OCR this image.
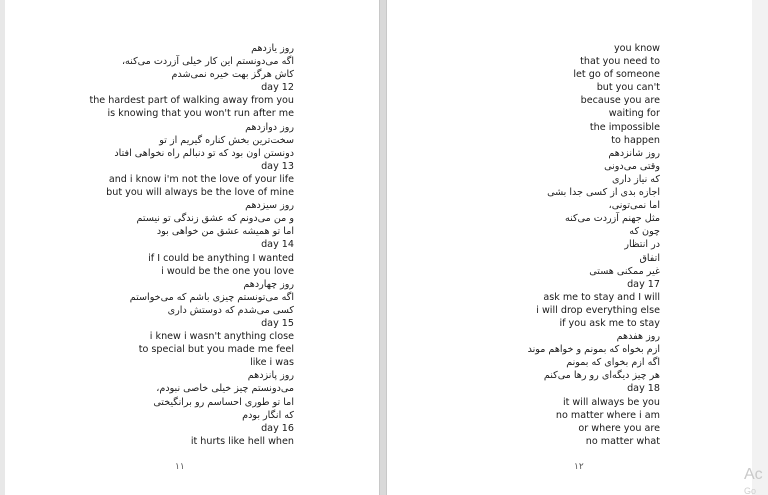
روز یازدهم
اگه می‌دونستم این کار خیلی آزردت می‌کنه،
کاش هرگز بهت خیره نمی‌شدم
day 12
the hardest part of walking away from you
is knowing that you won't run after me
روز دوازدهم
سخت‌ترین بخش کناره گیریم از تو
دونستن اون بود که تو دنبالم راه نخواهی افتاد
day 13
and i know i'm not the love of your life
but you will always be the love of mine
روز سیزدهم
و من می‌دونم که عشق زندگی تو نیستم
اما تو همیشه عشق من خواهی بود
day 14
if I could be anything I wanted
i would be the one you love
روز چهاردهم
اگه می‌تونستم چیزی باشم که می‌خواستم
کسی می‌شدم که دوستش داری
day 15
i knew i wasn't anything close
to special but you made me feel
like i was
روز پانزدهم
می‌دونستم چیز خیلی خاصی نبودم،
اما تو طوری احساسم رو برانگیختی
که انگار بودم
day 16
it hurts like hell when
۱۱
you know
that you need to
let go of someone
but you can't
because you are
waiting for
the impossible
to happen
روز شانزدهم
وقتی می‌دونی
که نیاز داری
اجازه بدی از کسی جدا بشی
اما نمی‌تونی،
مثل جهنم آزردت می‌کنه
چون که
در انتظار
اتفاق
غیر ممکنی هستی
day 17
ask me to stay and I will
i will drop everything else
if you ask me to stay
روز هفدهم
ازم بخواه که بمونم و خواهم موند
اگه ازم بخوای که بمونم
هر چیز دیگه‌ای رو رها می‌کنم
day 18
it will always be you
no matter where i am
or where you are
no matter what
۱۲	Ac
Go
